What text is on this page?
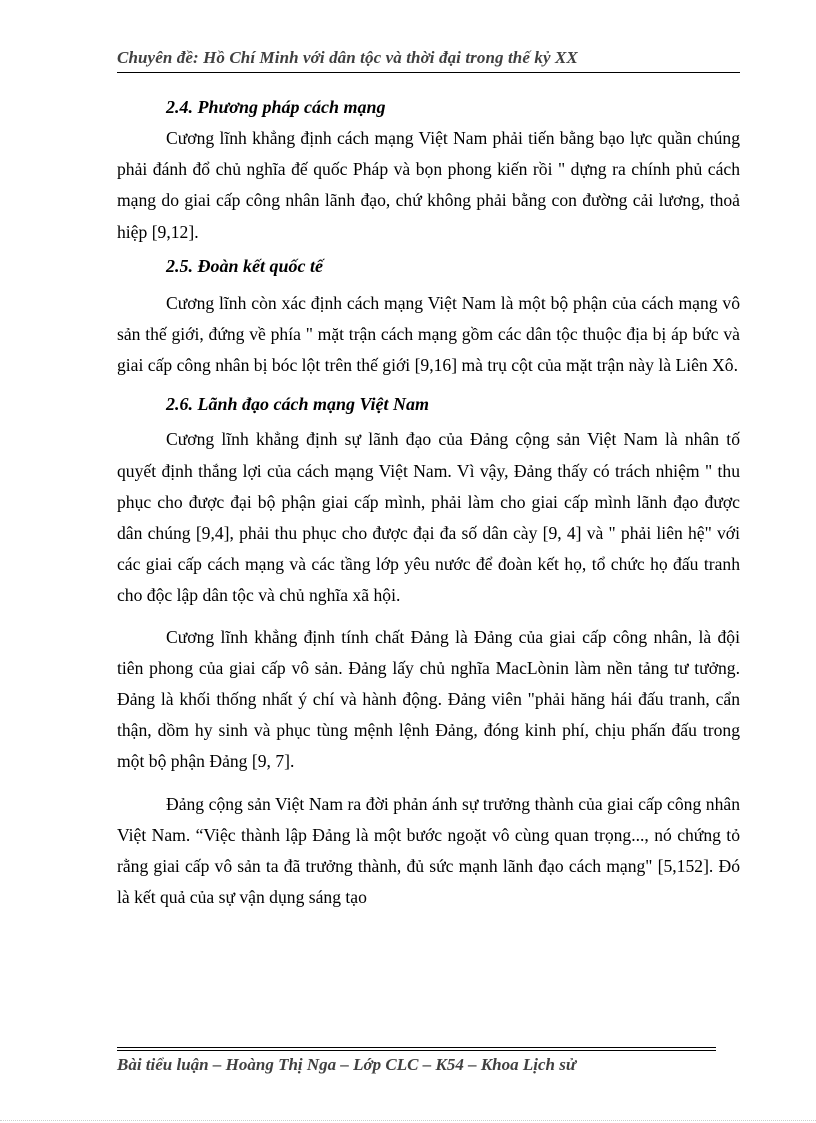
Chuyên đề: Hồ Chí Minh với dân tộc và thời đại trong thế kỷ XX
2.4. Phương pháp cách mạng

Cương lĩnh khẳng định cách mạng Việt Nam phải tiến bằng bạo lực quần chúng phải đánh đổ chủ nghĩa đế quốc Pháp và bọn phong kiến rồi " dựng ra chính phủ cách mạng do giai cấp công nhân lãnh đạo, chứ không phải bằng con đường cải lương, thoả hiệp [9,12].

2.5. Đoàn kết quốc tế

Cương lĩnh còn xác định cách mạng Việt Nam là một bộ phận của cách mạng vô sản thế giới, đứng về phía " mặt trận cách mạng gồm các dân tộc thuộc địa bị áp bức và giai cấp công nhân bị bóc lột trên thế giới [9,16] mà trụ cột của mặt trận này là Liên Xô.

2.6. Lãnh đạo cách mạng Việt Nam

Cương lĩnh khẳng định sự lãnh đạo của Đảng cộng sản Việt Nam là nhân tố quyết định thắng lợi của cách mạng Việt Nam. Vì vậy, Đảng thấy có trách nhiệm " thu phục cho được đại bộ phận giai cấp mình, phải làm cho giai cấp mình lãnh đạo được dân chúng [9,4], phải thu phục cho được đại đa số dân cày [9, 4] và " phải liên hệ" với các giai cấp cách mạng và các tầng lớp yêu nước để đoàn kết họ, tổ chức họ đấu tranh cho độc lập dân tộc và chủ nghĩa xã hội.

Cương lĩnh khẳng định tính chất Đảng là Đảng của giai cấp công nhân, là đội tiên phong của giai cấp vô sản. Đảng lấy chủ nghĩa MacLònin làm nền tảng tư tưởng. Đảng là khối thống nhất ý chí và hành động. Đảng viên "phải hăng hái đấu tranh, cẩn thận, dồm hy sinh và phục tùng mệnh lệnh Đảng, đóng kinh phí, chịu phấn đấu trong một bộ phận Đảng [9, 7].

Đảng cộng sản Việt Nam ra đời phản ánh sự trưởng thành của giai cấp công nhân Việt Nam. “Việc thành lập Đảng là một bước ngoặt vô cùng quan trọng..., nó chứng tỏ rằng giai cấp vô sản ta đã trưởng thành, đủ sức mạnh lãnh đạo cách mạng" [5,152]. Đó là kết quả của sự vận dụng sáng tạo

Bài tiểu luận – Hoàng Thị Nga – Lớp CLC – K54 – Khoa Lịch sử
